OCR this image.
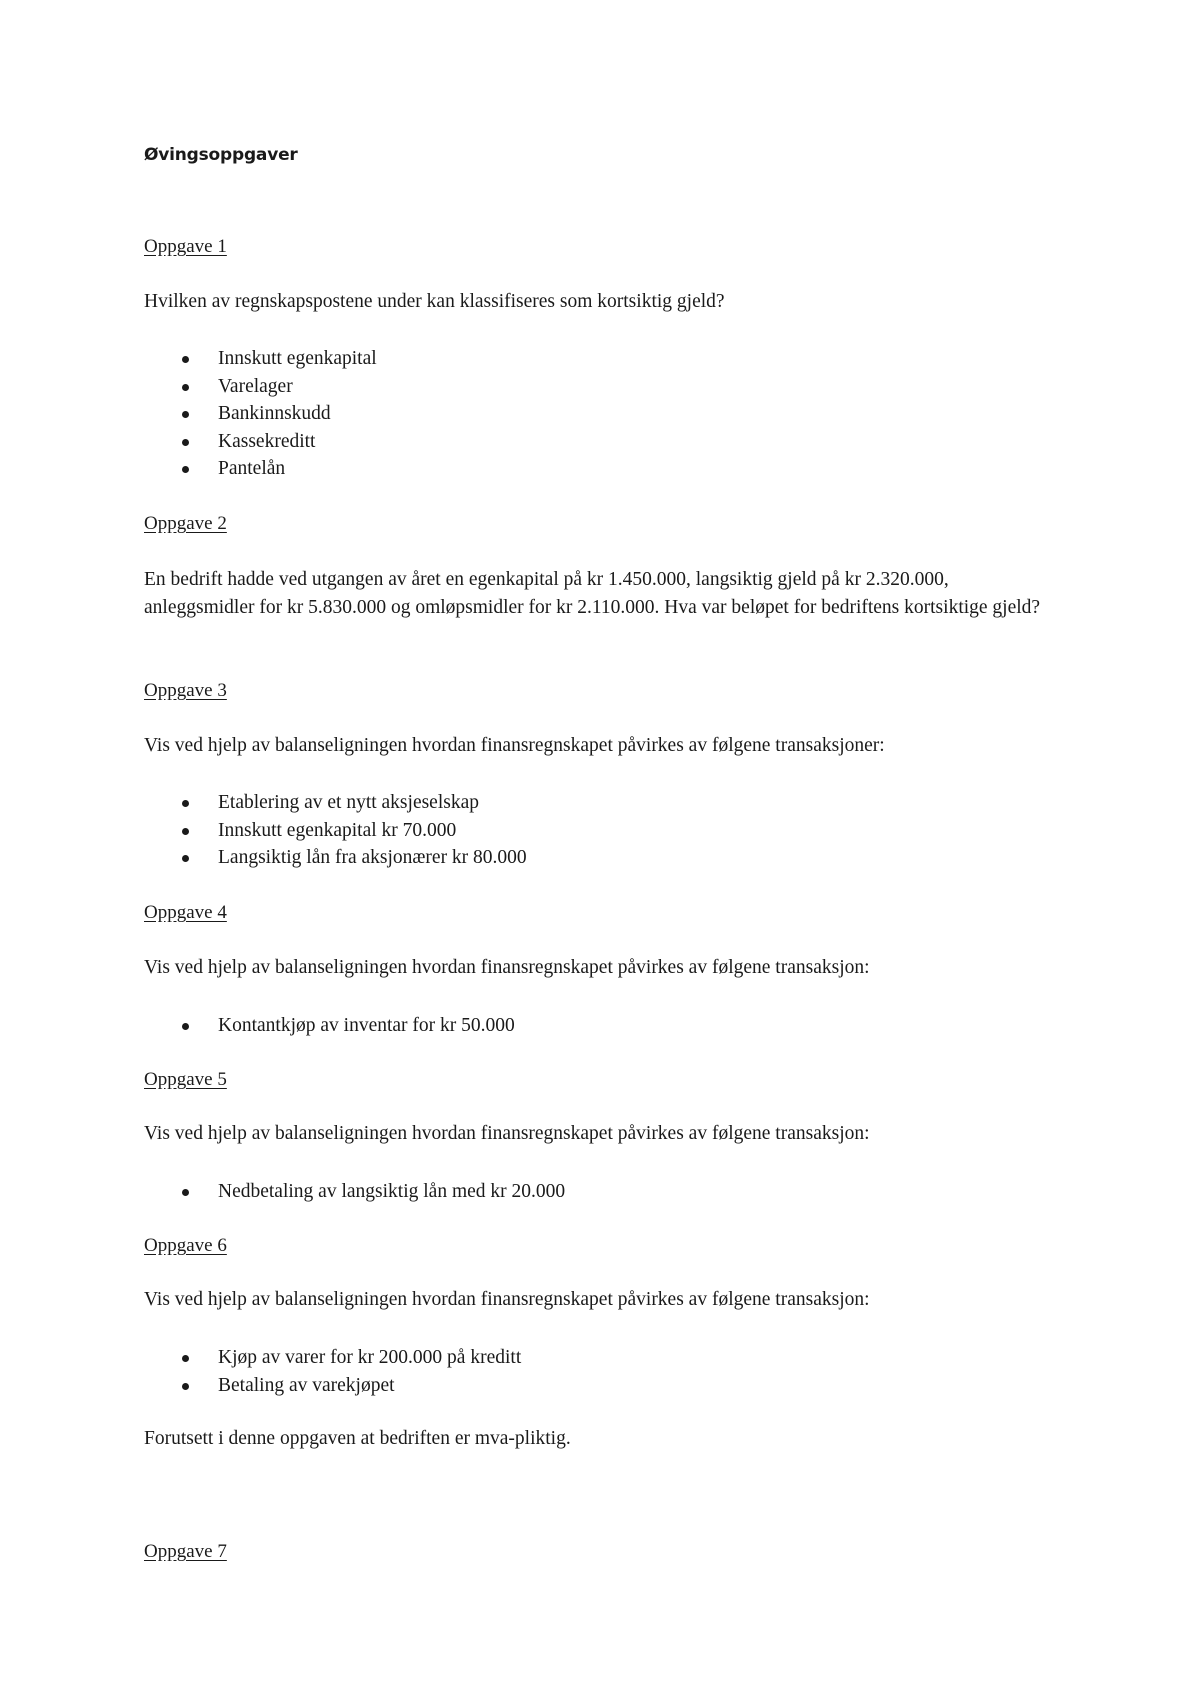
Øvingsoppgaver
Oppgave 1
Hvilken av regnskapspostene under kan klassifiseres som kortsiktig gjeld?
Innskutt egenkapital
Varelager
Bankinnskudd
Kassekreditt
Pantelån
Oppgave 2
En bedrift hadde ved utgangen av året en egenkapital på kr 1.450.000, langsiktig gjeld på kr 2.320.000, anleggsmidler for kr 5.830.000 og omløpsmidler for kr 2.110.000. Hva var beløpet for bedriftens kortsiktige gjeld?
Oppgave 3
Vis ved hjelp av balanseligningen hvordan finansregnskapet påvirkes av følgene transaksjoner:
Etablering av et nytt aksjeselskap
Innskutt egenkapital kr 70.000
Langsiktig lån fra aksjonærer kr 80.000
Oppgave 4
Vis ved hjelp av balanseligningen hvordan finansregnskapet påvirkes av følgene transaksjon:
Kontantkjøp av inventar for kr 50.000
Oppgave 5
Vis ved hjelp av balanseligningen hvordan finansregnskapet påvirkes av følgene transaksjon:
Nedbetaling av langsiktig lån med kr 20.000
Oppgave 6
Vis ved hjelp av balanseligningen hvordan finansregnskapet påvirkes av følgene transaksjon:
Kjøp av varer for kr 200.000 på kreditt
Betaling av varekjøpet
Forutsett i denne oppgaven at bedriften er mva-pliktig.
Oppgave 7
